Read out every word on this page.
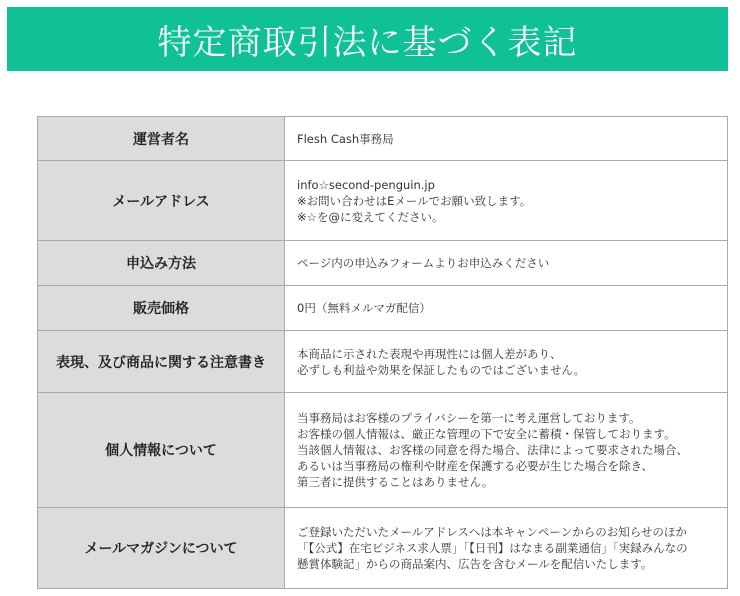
特定商取引法に基づく表記
運営者名	Flesh Cash事務局

メールアドレス	info☆second-penguin.jp
※お問い合わせはEメールでお願い致します。
※☆を@に変えてください。

申込み方法	ページ内の申込みフォームよりお申込みください

販売価格	0円（無料メルマガ配信）

表現、及び商品に関する注意書き	本商品に示された表現や再現性には個人差があり、
必ずしも利益や効果を保証したものではございません。

個人情報について	当事務局はお客様のプライバシーを第一に考え運営しております。
お客様の個人情報は、厳正な管理の下で安全に蓄積・保管しております。
当該個人情報は、お客様の同意を得た場合、法律によって要求された場合、
あるいは当事務局の権利や財産を保護する必要が生じた場合を除き、
第三者に提供することはありません。

メールマガジンについて	ご登録いただいたメールアドレスへは本キャンペーンからのお知らせのほか
「【公式】在宅ビジネス求人票」「【日刊】はなまる副業通信」「実録みんなの
懸賞体験記」からの商品案内、広告を含むメールを配信いたします。
